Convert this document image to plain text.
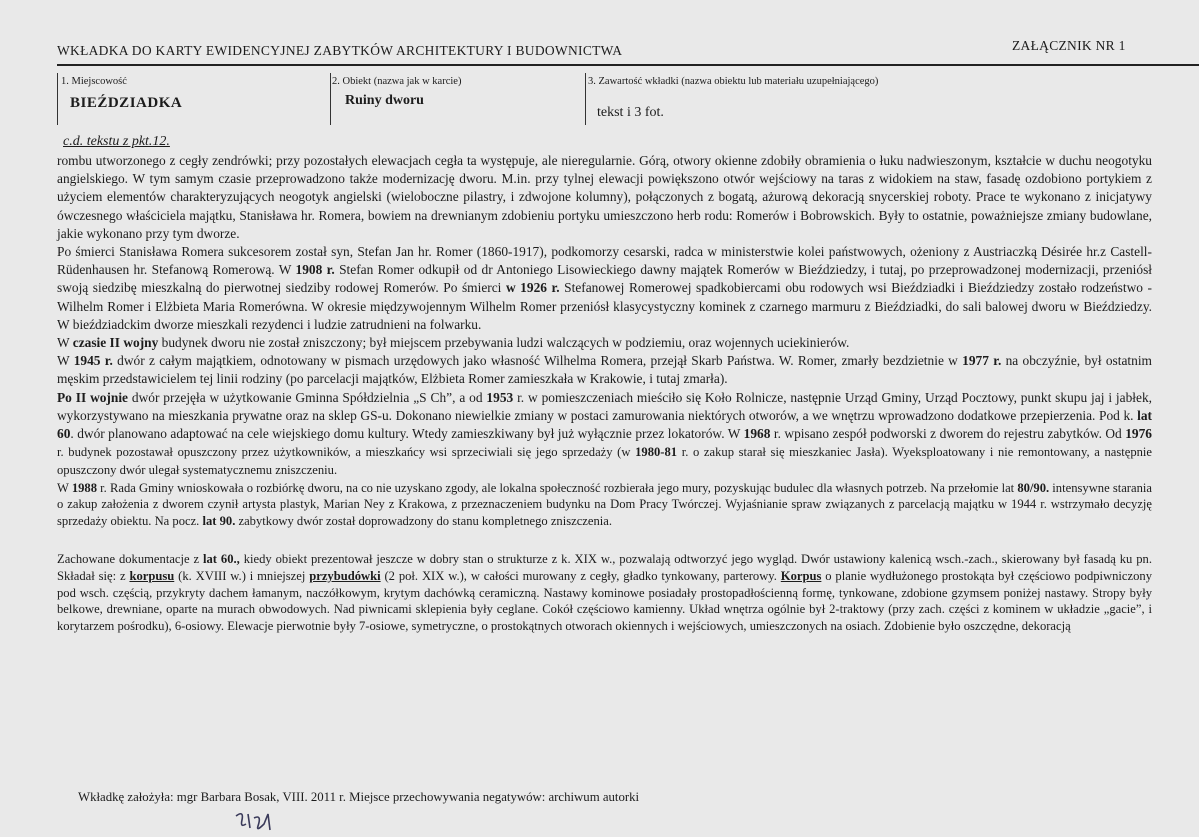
WKŁADKA DO KARTY EWIDENCYJNEJ ZABYTKÓW ARCHITEKTURY I BUDOWNICTWA	ZAŁĄCZNIK NR 1
1. Miejscowość
BIEŹDZIADKA
2. Obiekt (nazwa jak w karcie)
Ruiny dworu
3. Zawartość wkładki (nazwa obiektu lub materiału uzupełniającego)
tekst i 3 fot.
c.d. tekstu z pkt.12.

rombu utworzonego z cegły zendrówki; przy pozostałych elewacjach cegła ta występuje, ale nieregularnie. Górą, otwory okienne zdobiły obramienia o łuku nadwieszonym, kształcie w duchu neogotyku angielskiego. W tym samym czasie przeprowadzono także modernizację dworu. M.in. przy tylnej elewacji powiększono otwór wejściowy na taras z widokiem na staw, fasadę ozdobiono portykiem z użyciem elementów charakteryzujących neogotyk angielski (wieloboczne pilastry, i zdwojone kolumny), połączonych z bogatą, ażurową dekoracją snycerskiej roboty. Prace te wykonano z inicjatywy ówczesnego właściciela majątku, Stanisława hr. Romera, bowiem na drewnianym zdobieniu portyku umieszczono herb rodu: Romerów i Bobrowskich. Były to ostatnie, poważniejsze zmiany budowlane, jakie wykonano przy tym dworze.

Po śmierci Stanisława Romera sukcesorem został syn, Stefan Jan hr. Romer (1860-1917), podkomorzy cesarski, radca w ministerstwie kolei państwowych, ożeniony z Austriaczką Désirée hr.z Castell-Rüdenhausen hr. Stefanową Romerową. W 1908 r. Stefan Romer odkupił od dr Antoniego Lisowieckiego dawny majątek Romerów w Bieździedzy, i tutaj, po przeprowadzonej modernizacji, przeniósł swoją siedzibę mieszkalną do pierwotnej siedziby rodowej Romerów. Po śmierci w 1926 r. Stefanowej Romerowej spadkobiercami obu rodowych wsi Bieździadki i Bieździedzy zostało rodzeństwo - Wilhelm Romer i Elżbieta Maria Romerówna. W okresie międzywojennym Wilhelm Romer przeniósł klasycystyczny kominek z czarnego marmuru z Bieździadki, do sali balowej dworu w Bieździedzy. W bieździadckim dworze mieszkali rezydenci i ludzie zatrudnieni na folwarku.

W czasie II wojny budynek dworu nie został zniszczony; był miejscem przebywania ludzi walczących w podziemiu, oraz wojennych uciekinierów.

W 1945 r. dwór z całym majątkiem, odnotowany w pismach urzędowych jako własność Wilhelma Romera, przejął Skarb Państwa. W. Romer, zmarły bezdzietnie w 1977 r. na obczyźnie, był ostatnim męskim przedstawicielem tej linii rodziny (po parcelacji majątków, Elżbieta Romer zamieszkała w Krakowie, i tutaj zmarła).

Po II wojnie dwór przejęła w użytkowanie Gminna Spółdzielnia „S Ch”, a od 1953 r. w pomieszczeniach mieściło się Koło Rolnicze, następnie Urząd Gminy, Urząd Pocztowy, punkt skupu jaj i jabłek, wykorzystywano na mieszkania prywatne oraz na sklep GS-u. Dokonano niewielkie zmiany w postaci zamurowania niektórych otworów, a we wnętrzu wprowadzono dodatkowe przepierzenia. Pod k. lat 60. dwór planowano adaptować na cele wiejskiego domu kultury. Wtedy zamieszkiwany był już wyłącznie przez lokatorów. W 1968 r. wpisano zespół podworski z dworem do rejestru zabytków. Od 1976 r. budynek pozostawał opuszczony przez użytkowników, a mieszkańcy wsi sprzeciwiali się jego sprzedaży (w 1980-81 r. o zakup starał się mieszkaniec Jasła). Wyeksploatowany i nie remontowany, a następnie opuszczony dwór ulegał systematycznemu zniszczeniu.

W 1988 r. Rada Gminy wnioskowała o rozbiórkę dworu, na co nie uzyskano zgody, ale lokalna społeczność rozbierała jego mury, pozyskując budulec dla własnych potrzeb. Na przełomie lat 80/90. intensywne starania o zakup założenia z dworem czynił artysta plastyk, Marian Ney z Krakowa, z przeznaczeniem budynku na Dom Pracy Twórczej. Wyjaśnianie spraw związanych z parcelacją majątku w 1944 r. wstrzymało decyzję sprzedaży obiektu. Na pocz. lat 90. zabytkowy dwór został doprowadzony do stanu kompletnego zniszczenia.

Zachowane dokumentacje z lat 60., kiedy obiekt prezentował jeszcze w dobry stan o strukturze z k. XIX w., pozwalają odtworzyć jego wygląd. Dwór ustawiony kalenicą wsch.-zach., skierowany był fasadą ku pn. Składał się: z korpusu (k. XVIII w.) i mniejszej przybudówki (2 poł. XIX w.), w całości murowany z cegły, gładko tynkowany, parterowy. Korpus o planie wydłużonego prostokąta był częściowo podpiwniczony pod wsch. częścią, przykryty dachem łamanym, naczółkowym, krytym dachówką ceramiczną. Nastawy kominowe posiadały prostopadłościenną formę, tynkowane, zdobione gzymsem poniżej nastawy. Stropy były belkowe, drewniane, oparte na murach obwodowych. Nad piwnicami sklepienia były ceglane. Cokół częściowo kamienny. Układ wnętrza ogólnie był 2-traktowy (przy zach. części z kominem w układzie „gacie”, i korytarzem pośrodku), 6-osiowy. Elewacje pierwotnie były 7-osiowe, symetryczne, o prostokątnych otworach okiennych i wejściowych, umieszczonych na osiach. Zdobienie było oszczędne, dekoracją

Wkładkę założyła: mgr Barbara Bosak, VIII. 2011 r. Miejsce przechowywania negatywów: archiwum autorki
